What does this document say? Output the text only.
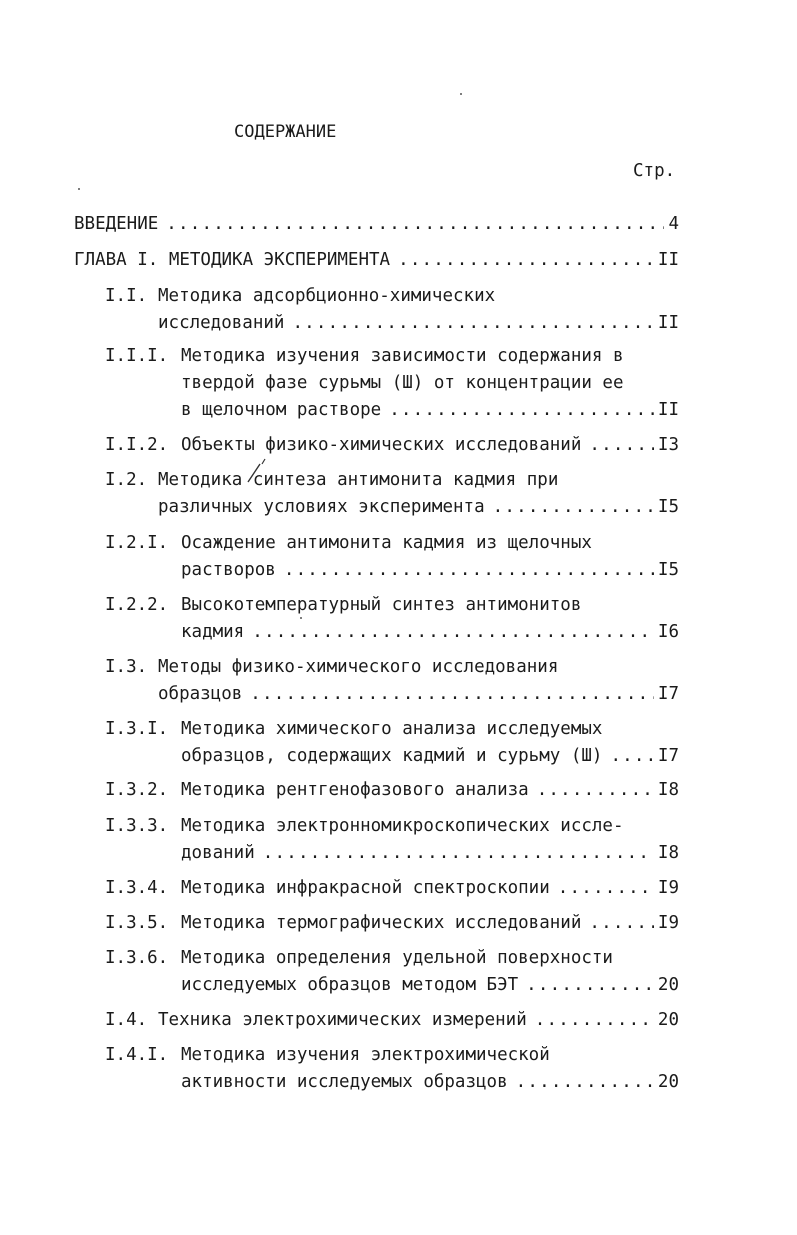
СОДЕРЖАНИЕ
Стр.
ВВЕДЕНИЕ .....	4
ГЛАВА I. МЕТОДИКА ЭКСПЕРИМЕНТА .....	II
I.I. Методика адсорбционно-химических
исследований .....	II
I.I.I. Методика изучения зависимости содержания в
твердой фазе сурьмы (Ш) от концентрации ее
в щелочном растворе .....	II
I.I.2. Объекты физико-химических исследований .....	I3
I.2. Методика синтеза антимонита кадмия при
различных условиях эксперимента .....	I5
I.2.I. Осаждение антимонита кадмия из щелочных
растворов .....	I5
I.2.2. Высокотемпературный синтез антимонитов
кадмия .....	I6
I.3. Методы физико-химического исследования
образцов .....	I7
I.3.I. Методика химического анализа исследуемых
образцов, содержащих кадмий и сурьму (Ш) .....	I7
I.3.2. Методика рентгенофазового анализа .....	I8
I.3.3. Методика электронномикроскопических иссле-
дований .....	I8
I.3.4. Методика инфракрасной спектроскопии .....	I9
I.3.5. Методика термографических исследований .....	I9
I.3.6. Методика определения удельной поверхности
исследуемых образцов методом БЭТ .....	20
I.4. Техника электрохимических измерений .....	20
I.4.I. Методика изучения электрохимической
активности исследуемых образцов .....	20
